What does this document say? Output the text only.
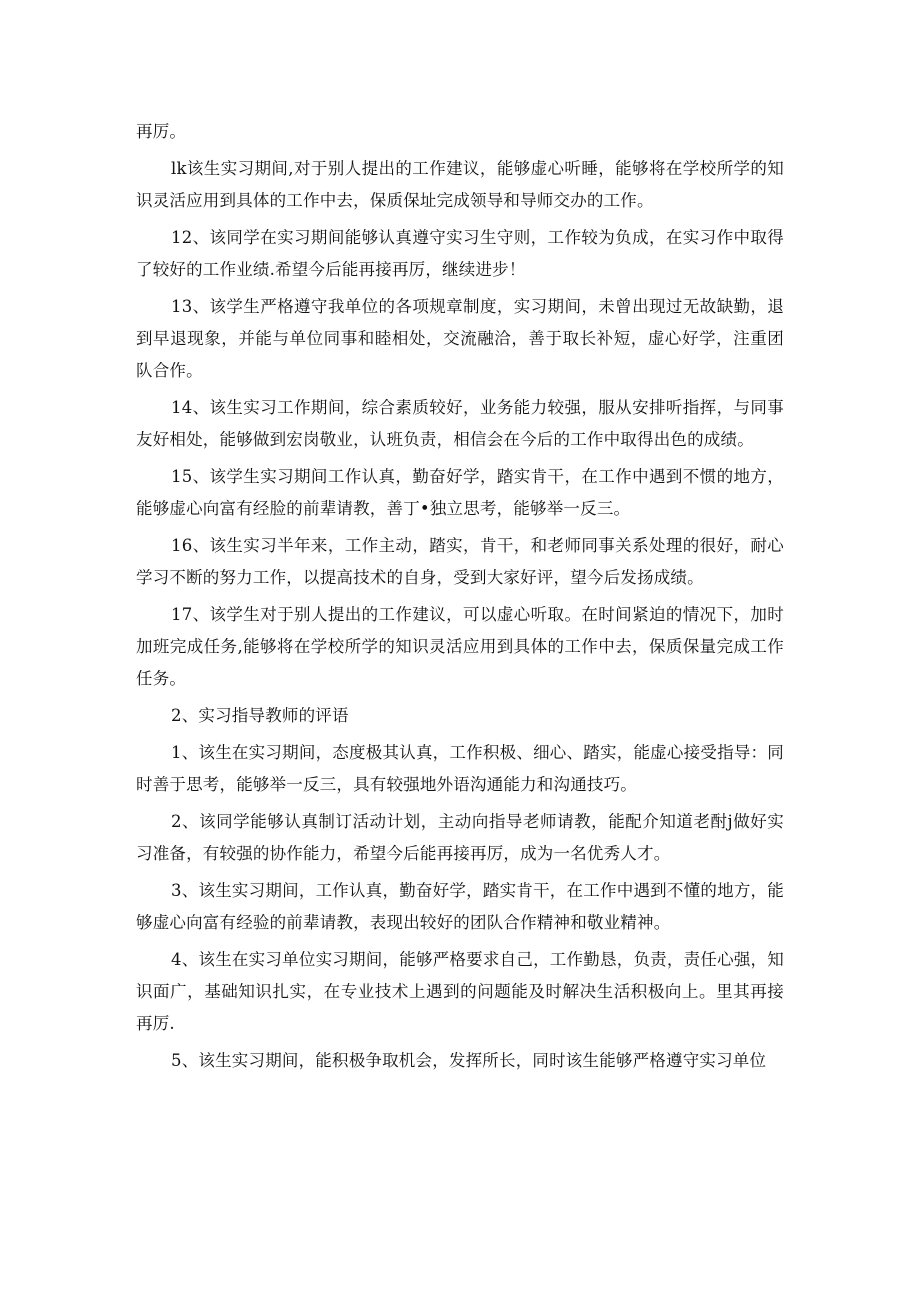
再厉。

lk该生实习期间,对于别人提出的工作建议，能够虚心听睡，能够将在学校所学的知识灵活应用到具体的工作中去，保质保址完成领导和导师交办的工作。

12、该同学在实习期间能够认真遵守实习生守则，工作较为负成，在实习作中取得了较好的工作业绩.希望今后能再接再厉，继续进步！

13、该学生严格遵守我单位的各项规章制度，实习期间，未曾出现过无故缺勤，退到早退现象，并能与单位同事和睦相处，交流融洽，善于取长补短，虚心好学，注重团队合作。

14、该生实习工作期间，综合素质较好，业务能力较强，服从安排听指挥，与同事友好相处，能够做到宏岗敬业，认班负责，相信会在今后的工作中取得出色的成绩。

15、该学生实习期间工作认真，勤奋好学，踏实肯干，在工作中遇到不惯的地方，能够虚心向富有经脸的前辈请教，善丁•独立思考，能够举一反三。

16、该生实习半年来，工作主动，踏实，肯干，和老师同事关系处理的很好，耐心学习不断的努力工作，以提高技术的自身，受到大家好评，望今后发扬成绩。

17、该学生对于别人提出的工作建议，可以虚心听取。在时间紧迫的情况下，加时加班完成任务,能够将在学校所学的知识灵活应用到具体的工作中去，保质保量完成工作任务。

2、实习指导教师的评语

1、该生在实习期间，态度极其认真，工作积极、细心、踏实，能虚心接受指导：同时善于思考，能够举一反三，具有较强地外语沟通能力和沟通技巧。

2、该同学能够认真制订活动计划，主动向指导老师请教，能配介知道老酎j做好实习准备，有较强的协作能力，希望今后能再接再厉，成为一名优秀人才。

3、该生实习期间，工作认真，勤奋好学，踏实肯干，在工作中遇到不懂的地方，能够虚心向富有经验的前辈请教，表现出较好的团队合作精神和敬业精神。

4、该生在实习单位实习期间，能够严格要求自己，工作勤恳，负责，责任心强，知识面广，基础知识扎实，在专业技术上遇到的问题能及时解决生活积极向上。里其再接再厉.

5、该生实习期间，能积极争取机会，发挥所长，同时该生能够严格遵守实习单位
